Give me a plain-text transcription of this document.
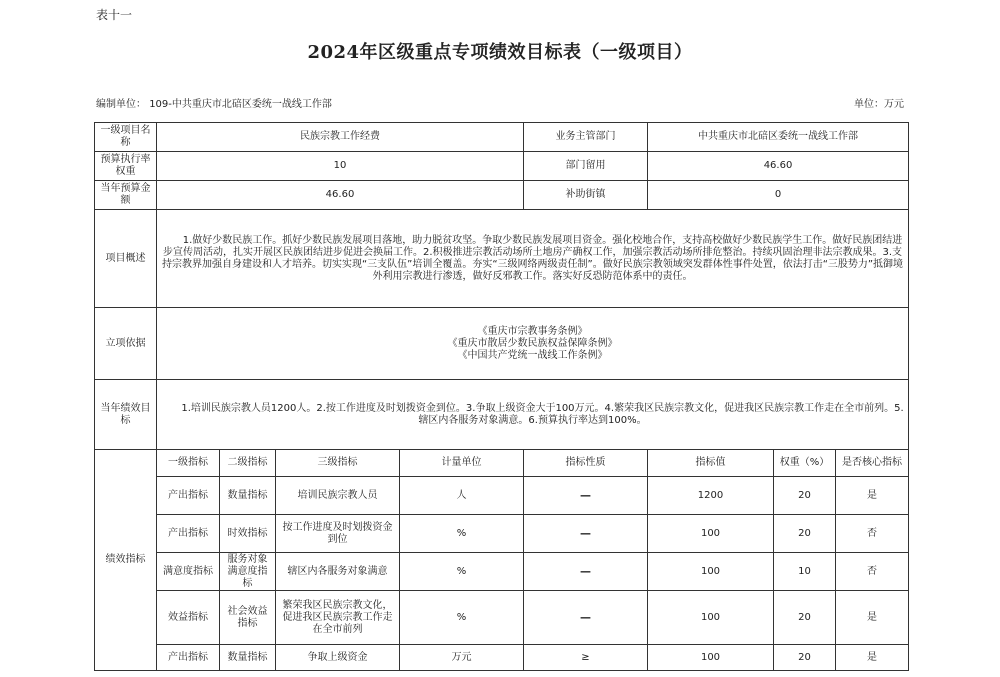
表十一
2024年区级重点专项绩效目标表（一级项目）
编制单位： 109-中共重庆市北碚区委统一战线工作部	单位：万元
一级项目名称	民族宗教工作经费				业务主管部门	中共重庆市北碚区委统一战线工作部		
预算执行率权重	10				部门留用	46.60		
当年预算金额	46.60				补助街镇	0		
项目概述	1.做好少数民族工作。抓好少数民族发展项目落地，助力脱贫攻坚。争取少数民族发展项目资金。强化校地合作，支持高校做好少数民族学生工作。做好民族团结进步宣传周活动，扎实开展区民族团结进步促进会换届工作。2.积极推进宗教活动场所土地房产确权工作，加强宗教活动场所排危整治。持续巩固治理非法宗教成果。3.支持宗教界加强自身建设和人才培养。切实实现“三支队伍”培训全覆盖。夯实“三级网络两级责任制”。做好民族宗教领域突发群体性事件处置，依法打击“三股势力”抵御境外利用宗教进行渗透，做好反邪教工作。落实好反恐防范体系中的责任。							

立项依据	《重庆市宗教事务条例》
《重庆市散居少数民族权益保障条例》
《中国共产党统一战线工作条例》							

当年绩效目标	1.培训民族宗教人员1200人。2.按工作进度及时划拨资金到位。3.争取上级资金大于100万元。4.繁荣我区民族宗教文化，促进我区民族宗教工作走在全市前列。5.辖区内各服务对象满意。6.预算执行率达到100%。							

绩效指标	一级指标	二级指标	三级指标	计量单位	指标性质	指标值	权重（%）	是否核心指标
	产出指标	数量指标	培训民族宗教人员	人	—	1200	20	是
	产出指标	时效指标	按工作进度及时划拨资金到位	%	—	100	20	否
	满意度指标	服务对象满意度指标	辖区内各服务对象满意	%	—	100	10	否
	效益指标	社会效益指标	繁荣我区民族宗教文化，促进我区民族宗教工作走在全市前列	%	—	100	20	是
	产出指标	数量指标	争取上级资金	万元	≥	100	20	是
